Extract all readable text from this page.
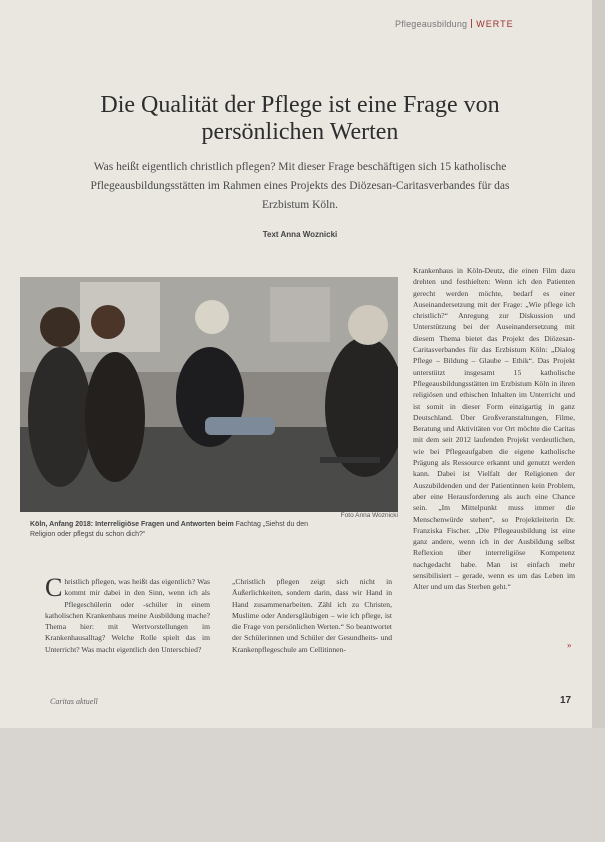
Pflegeausbildung WERTE
Die Qualität der Pflege ist eine Frage von persönlichen Werten

Was heißt eigentlich christlich pflegen? Mit dieser Frage beschäftigen sich 15 katholische Pflegeausbildungsstätten im Rahmen eines Projekts des Diözesan-Caritasverbandes für das Erzbistum Köln.

Text Anna Woznicki
Köln, Anfang 2018: Interreligiöse Fragen und Antworten beim Fachtag „Siehst du den Religion oder pflegst du schon dich?“
Foto Anna Woznicki

Christlich pflegen, was heißt das eigentlich? Was kommt mir dabei in den Sinn, wenn ich als Pflegeschülerin oder -schüler in einem katholischen Krankenhaus meine Ausbildung mache? Thema hier: mit Wertvorstellungen im Krankenhausalltag? Welche Rolle spielt das im Unterricht? Was macht eigentlich den Unterschied?

„Christlich pflegen zeigt sich nicht in Äußerlichkeiten, sondern darin, dass wir Hand in Hand zusammenarbeiten. Zähl ich zu Christen, Muslime oder Andersgläubigen – wie ich pflege, ist die Frage von persönlichen Werten.“ So beantwortet der Schülerinnen und Schüler der Gesundheits- und Krankenpflegeschule am Cellitinnen-

Krankenhaus in Köln-Deutz, die einen Film dazu drehten und festhielten: Wenn ich den Patienten gerecht werden möchte, bedarf es einer Auseinandersetzung mit der Frage: „Wie pflege ich christlich?“ Anregung zur Diskussion und Unterstützung bei der Auseinandersetzung mit diesem Thema bietet das Projekt des Diözesan-Caritasverbandes für das Erzbistum Köln: „Dialog Pflege – Bildung – Glaube – Ethik“. Das Projekt unterstützt insgesamt 15 katholische Pflegeausbildungsstätten im Erzbistum Köln in ihren religiösen und ethischen Inhalten im Unterricht und ist somit in dieser Form einzigartig in ganz Deutschland. Über Großveranstaltungen, Filme, Beratung und Aktivitäten vor Ort möchte die Caritas mit dem seit 2012 laufenden Projekt verdeutlichen, wie bei Pflegeaufgaben die eigene katholische Prägung als Ressource erkannt und genutzt werden kann. Dabei ist Vielfalt der Religionen der Auszubildenden und der Patientinnen kein Problem, aber eine Herausforderung als auch eine Chance sein. „Im Mittelpunkt muss immer die Menschenwürde stehen“, so Projektleiterin Dr. Franziska Fischer. „Die Pflegeausbildung ist eine ganz andere, wenn ich in der Ausbildung selbst Reflexion über interreligiöse Kompetenz nachgedacht habe. Man ist einfach mehr sensibilisiert – gerade, wenn es um das Leben im Alter und um das Sterben geht.“

»
Caritas aktuell	17
